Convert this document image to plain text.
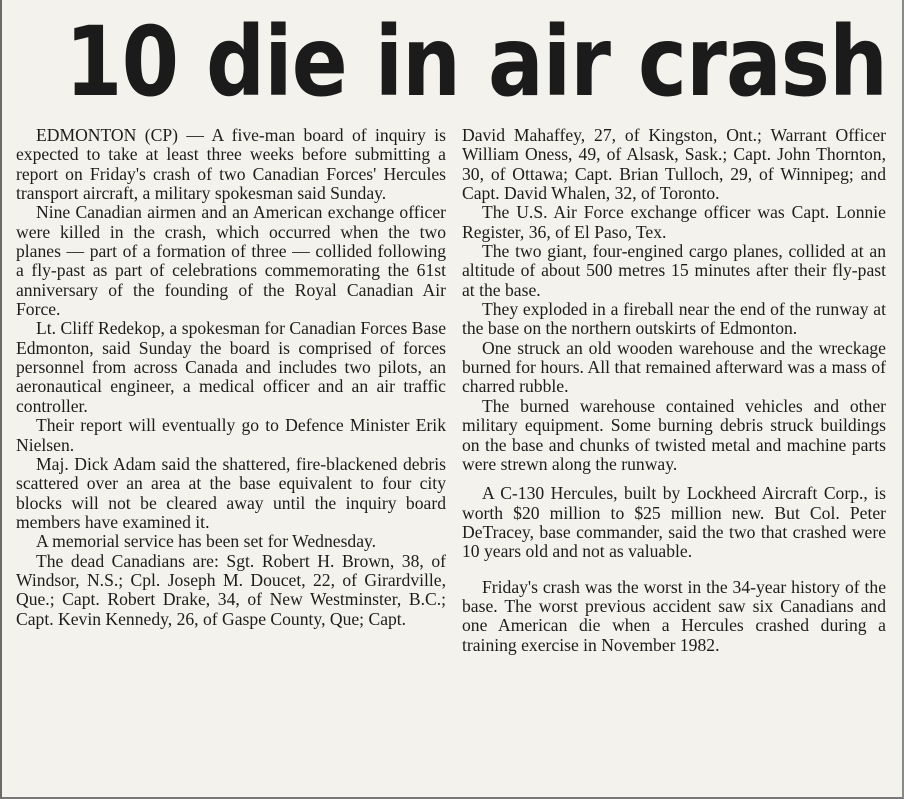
10 die in air crash

EDMONTON (CP) — A five-man board of inquiry is expected to take at least three weeks before submitting a report on Friday's crash of two Canadian Forces' Hercules transport aircraft, a military spokesman said Sunday.

Nine Canadian airmen and an American exchange officer were killed in the crash, which occurred when the two planes — part of a formation of three — collided following a fly-past as part of celebrations commemorating the 61st anniversary of the founding of the Royal Canadian Air Force.

Lt. Cliff Redekop, a spokesman for Canadian Forces Base Edmonton, said Sunday the board is comprised of forces personnel from across Canada and includes two pilots, an aeronautical engineer, a medical officer and an air traffic controller.

Their report will eventually go to Defence Minister Erik Nielsen.

Maj. Dick Adam said the shattered, fire-blackened debris scattered over an area at the base equivalent to four city blocks will not be cleared away until the inquiry board members have examined it.

A memorial service has been set for Wednesday.

The dead Canadians are: Sgt. Robert H. Brown, 38, of Windsor, N.S.; Cpl. Joseph M. Doucet, 22, of Girardville, Que.; Capt. Robert Drake, 34, of New Westminster, B.C.; Capt. Kevin Kennedy, 26, of Gaspe County, Que; Capt.

David Mahaffey, 27, of Kingston, Ont.; Warrant Officer William Oness, 49, of Alsask, Sask.; Capt. John Thornton, 30, of Ottawa; Capt. Brian Tulloch, 29, of Winnipeg; and Capt. David Whalen, 32, of Toronto.

The U.S. Air Force exchange officer was Capt. Lonnie Register, 36, of El Paso, Tex.

The two giant, four-engined cargo planes, collided at an altitude of about 500 metres 15 minutes after their fly-past at the base.

They exploded in a fireball near the end of the runway at the base on the northern outskirts of Edmonton.

One struck an old wooden warehouse and the wreckage burned for hours. All that remained afterward was a mass of charred rubble.

The burned warehouse contained vehicles and other military equipment. Some burning debris struck buildings on the base and chunks of twisted metal and machine parts were strewn along the runway.

A C-130 Hercules, built by Lockheed Aircraft Corp., is worth $20 million to $25 million new. But Col. Peter DeTracey, base commander, said the two that crashed were 10 years old and not as valuable.

Friday's crash was the worst in the 34-year history of the base. The worst previous accident saw six Canadians and one American die when a Hercules crashed during a training exercise in November 1982.
